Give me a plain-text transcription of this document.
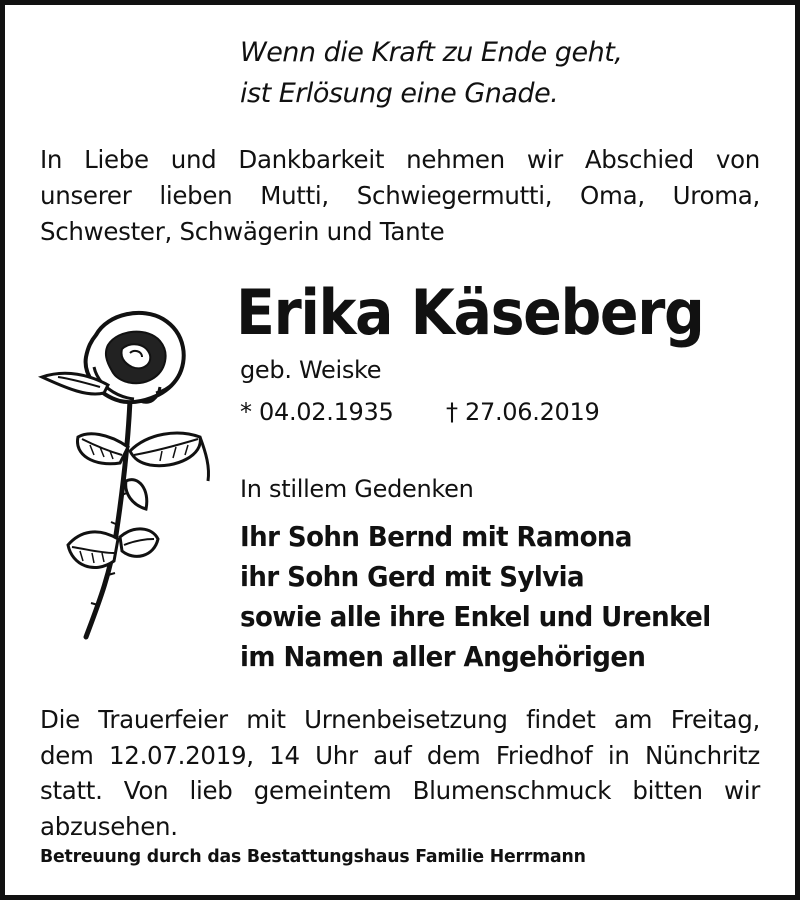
Wenn die Kraft zu Ende geht,
ist Erlösung eine Gnade.
In Liebe und Dankbarkeit nehmen wir Abschied von
unserer lieben Mutti, Schwiegermutti, Oma, Uroma,
Schwester, Schwägerin und Tante
Erika Käseberg
geb. Weiske
* 04.02.1935 † 27.06.2019
In stillem Gedenken
Ihr Sohn Bernd mit Ramona
ihr Sohn Gerd mit Sylvia
sowie alle ihre Enkel und Urenkel
im Namen aller Angehörigen
Die Trauerfeier mit Urnenbeisetzung findet am Freitag,
dem 12.07.2019, 14 Uhr auf dem Friedhof in Nünchritz
statt. Von lieb gemeintem Blumenschmuck bitten wir
abzusehen.
Betreuung durch das Bestattungshaus Familie Herrmann
